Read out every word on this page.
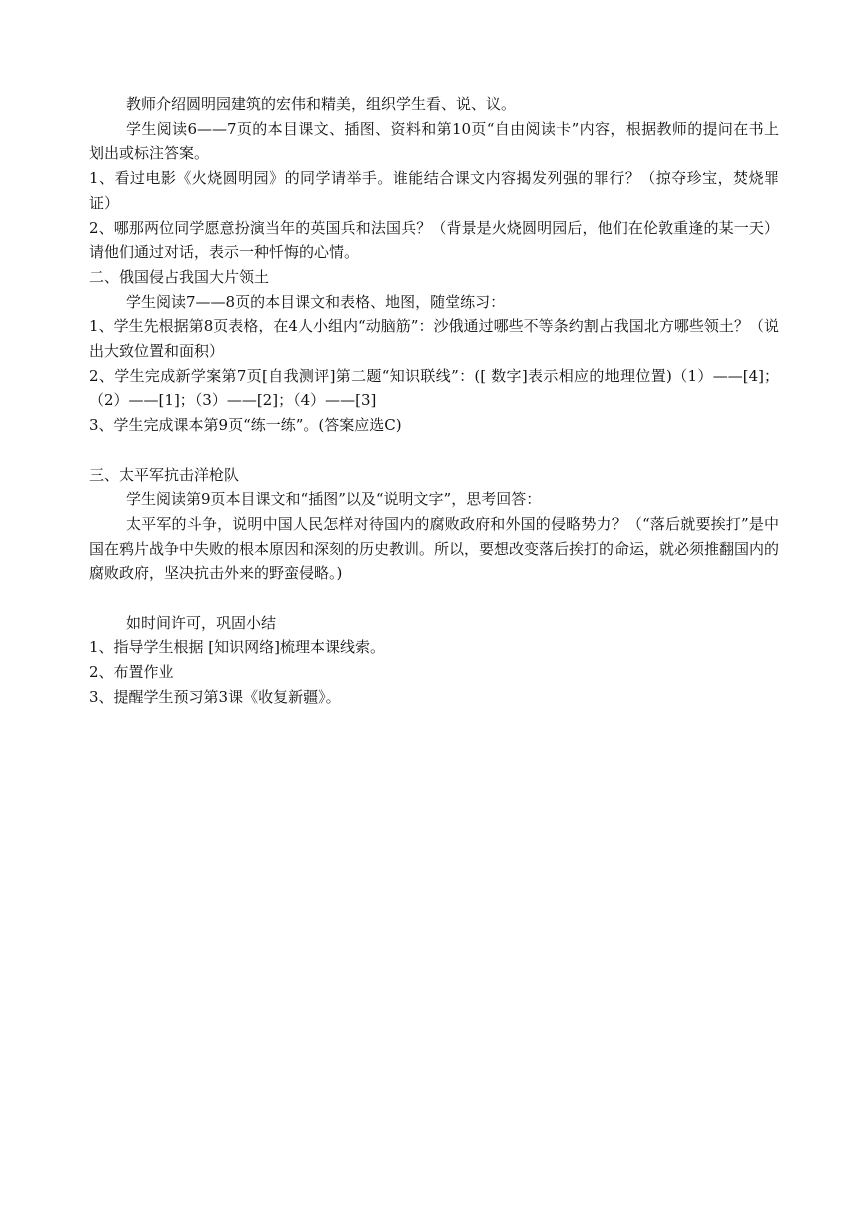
教师介绍圆明园建筑的宏伟和精美，组织学生看、说、议。

学生阅读6——7页的本目课文、插图、资料和第10页“自由阅读卡”内容，根据教师的提问在书上划出或标注答案。

1、看过电影《火烧圆明园》的同学请举手。谁能结合课文内容揭发列强的罪行？（掠夺珍宝，焚烧罪证）

2、哪那两位同学愿意扮演当年的英国兵和法国兵？（背景是火烧圆明园后，他们在伦敦重逢的某一天）请他们通过对话，表示一种忏悔的心情。

二、俄国侵占我国大片领土

学生阅读7——8页的本目课文和表格、地图，随堂练习：

1、学生先根据第8页表格，在4人小组内“动脑筋”：沙俄通过哪些不等条约割占我国北方哪些领土？（说出大致位置和面积）

2、学生完成新学案第7页[自我测评]第二题“知识联线”：([ 数字]表示相应的地理位置)（1）——[4]；（2）——[1]；（3）——[2]；（4）——[3]

3、学生完成课本第9页“练一练”。(答案应选C)

三、太平军抗击洋枪队

学生阅读第9页本目课文和“插图”以及“说明文字”，思考回答：

太平军的斗争，说明中国人民怎样对待国内的腐败政府和外国的侵略势力？（“落后就要挨打”是中国在鸦片战争中失败的根本原因和深刻的历史教训。所以，要想改变落后挨打的命运，就必须推翻国内的腐败政府，坚决抗击外来的野蛮侵略。)

如时间许可，巩固小结

1、指导学生根据 [知识网络]梳理本课线索。

2、布置作业

3、提醒学生预习第3课《收复新疆》。
